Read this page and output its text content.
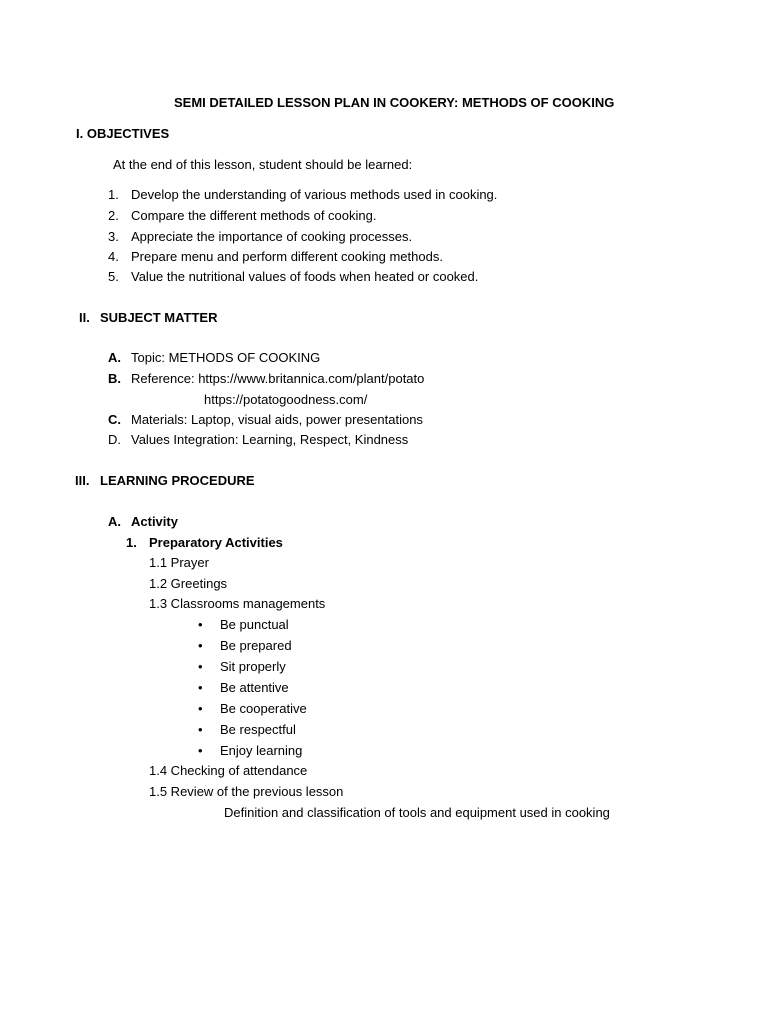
SEMI DETAILED LESSON PLAN IN COOKERY: METHODS OF COOKING
I. OBJECTIVES
At the end of this lesson, student should be learned:
1. Develop the understanding of various methods used in cooking.
2. Compare the different methods of cooking.
3. Appreciate the importance of cooking processes.
4. Prepare menu and perform different cooking methods.
5. Value the nutritional values of foods when heated or cooked.
II. SUBJECT MATTER
A. Topic: METHODS OF COOKING
B. Reference: https://www.britannica.com/plant/potato
https://potatogoodness.com/
C. Materials: Laptop, visual aids, power presentations
D. Values Integration: Learning, Respect, Kindness
III. LEARNING PROCEDURE
A. Activity
1. Preparatory Activities
1.1 Prayer
1.2 Greetings
1.3 Classrooms managements
• Be punctual
• Be prepared
• Sit properly
• Be attentive
• Be cooperative
• Be respectful
• Enjoy learning
1.4 Checking of attendance
1.5 Review of the previous lesson
Definition and classification of tools and equipment used in cooking
